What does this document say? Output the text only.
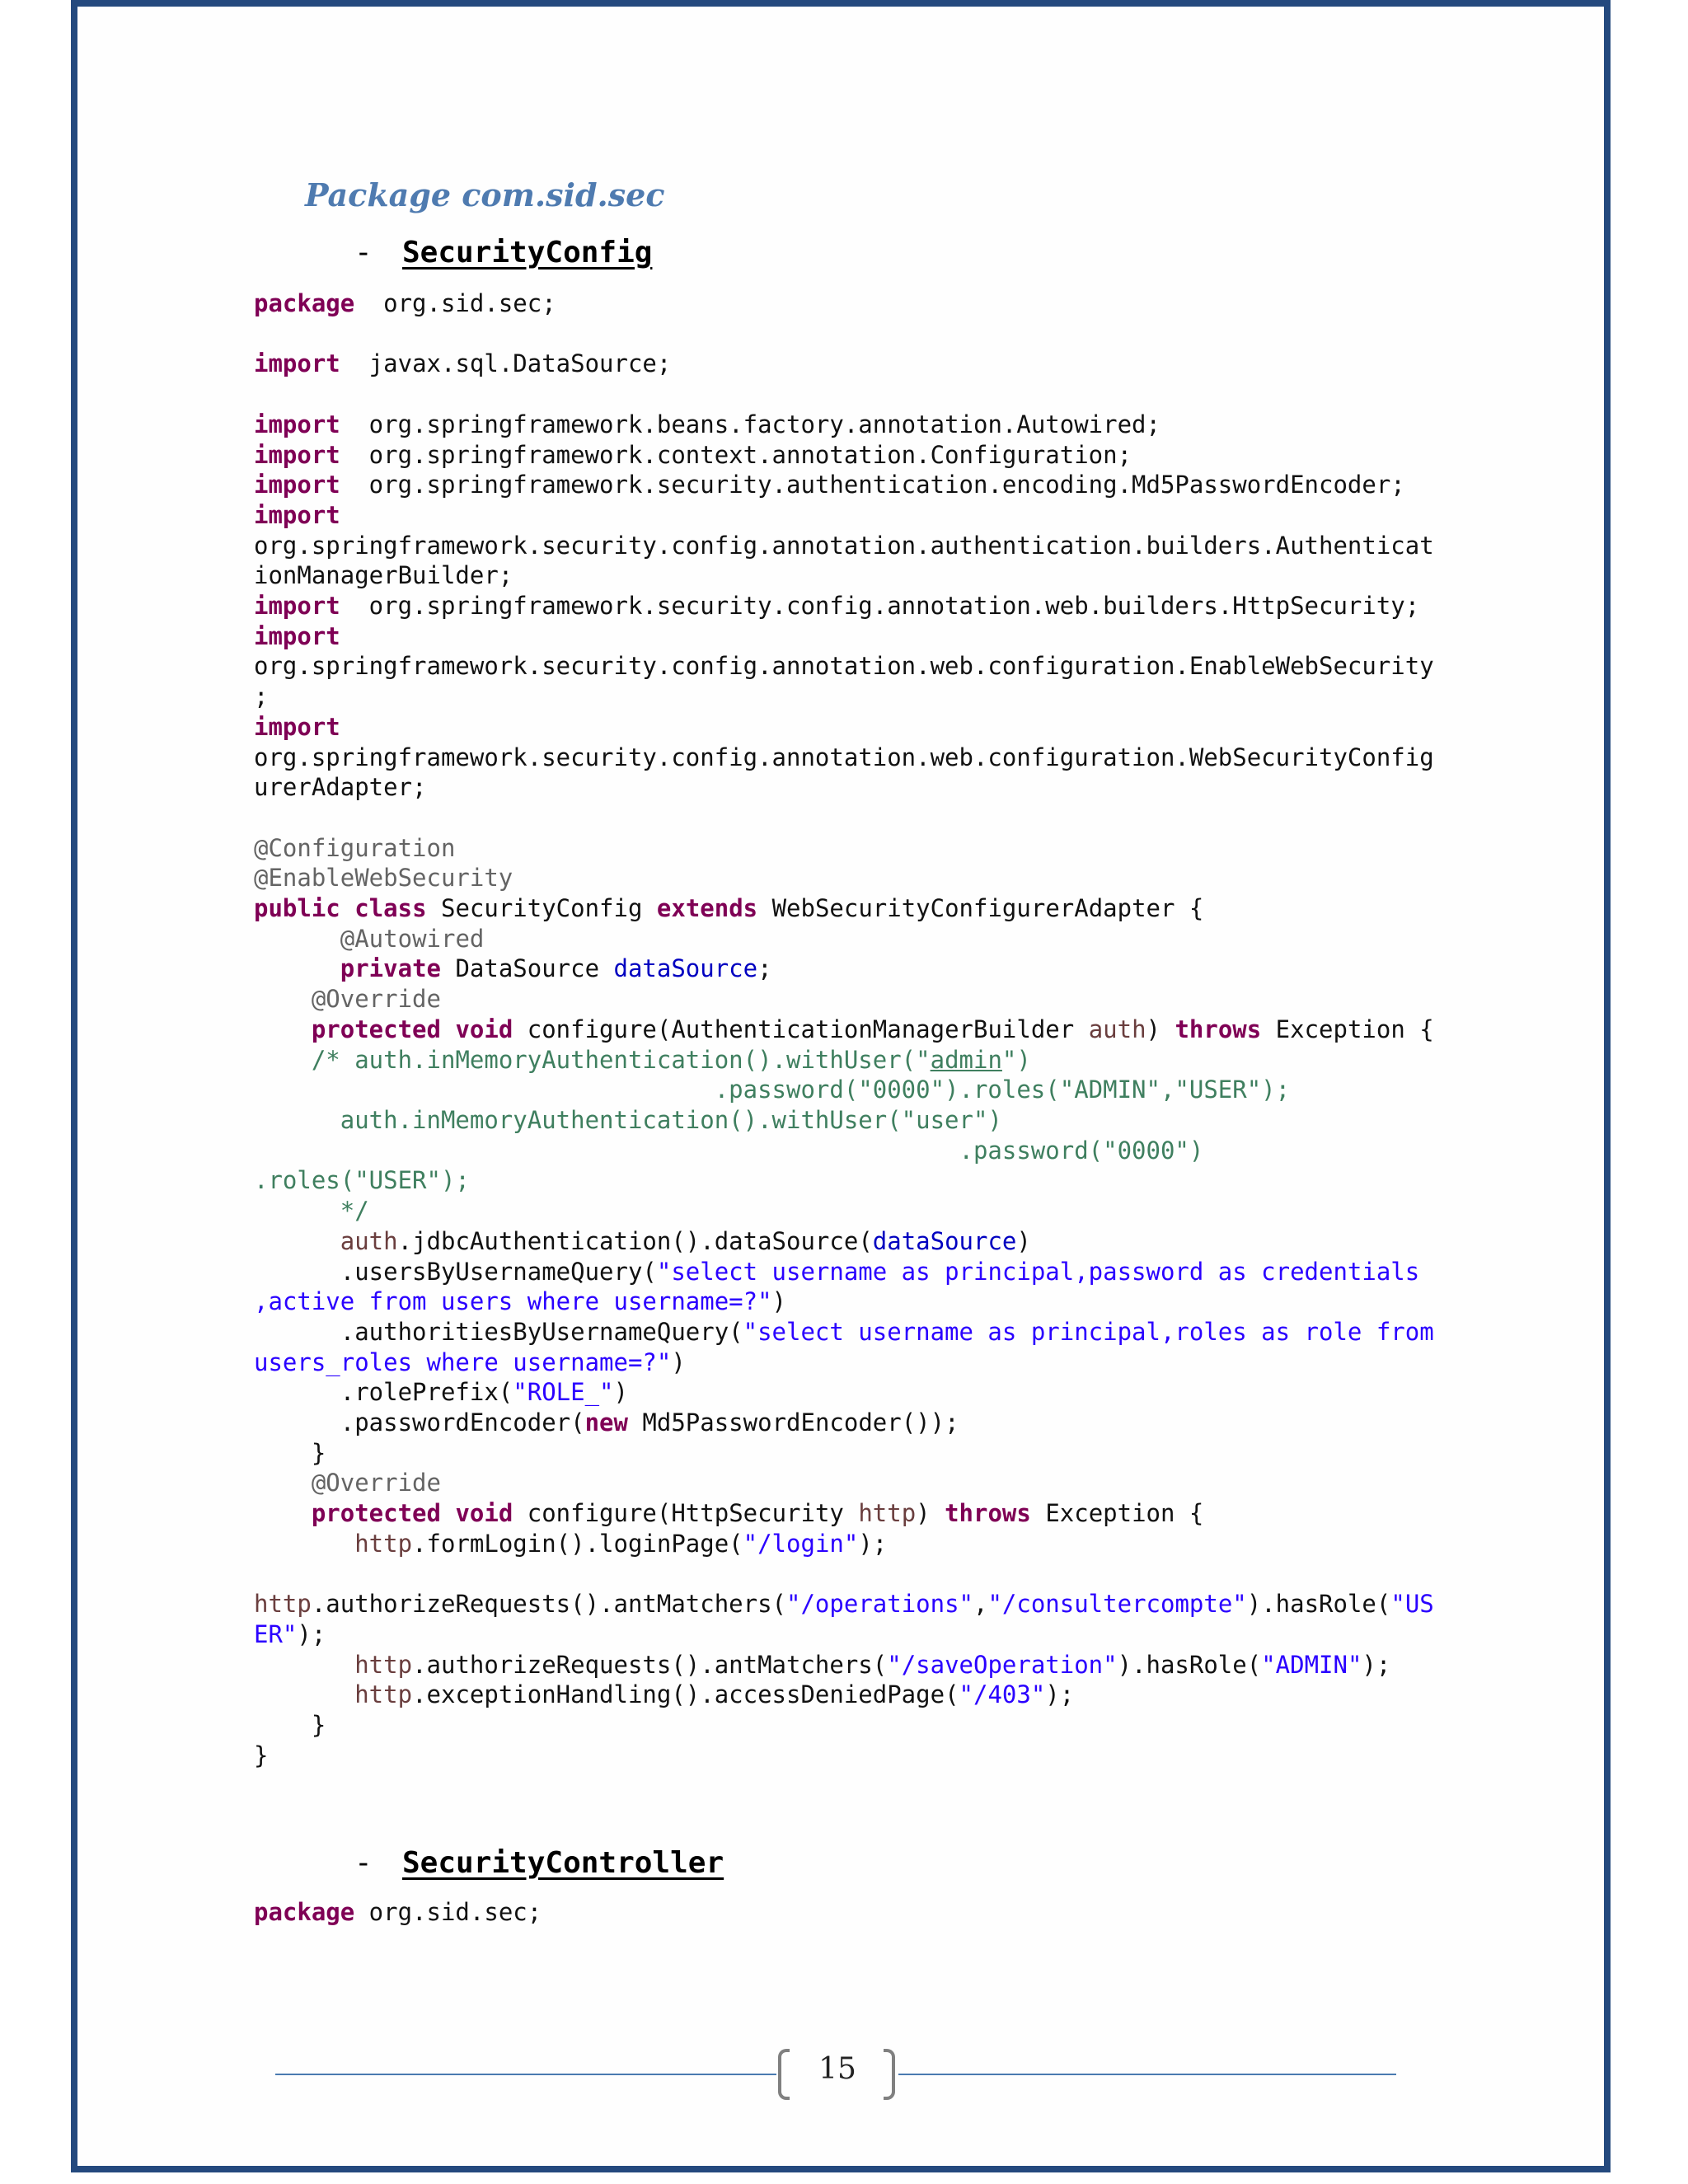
Package com.sid.sec
- SecurityConfig
package  org.sid.sec;

import  javax.sql.DataSource;

import  org.springframework.beans.factory.annotation.Autowired;
import  org.springframework.context.annotation.Configuration;
import  org.springframework.security.authentication.encoding.Md5PasswordEncoder;
import
org.springframework.security.config.annotation.authentication.builders.Authenticat
ionManagerBuilder;
import  org.springframework.security.config.annotation.web.builders.HttpSecurity;
import
org.springframework.security.config.annotation.web.configuration.EnableWebSecurity
;
import
org.springframework.security.config.annotation.web.configuration.WebSecurityConfig
urerAdapter;

@Configuration
@EnableWebSecurity
public class SecurityConfig extends WebSecurityConfigurerAdapter {
@Autowired
private DataSource dataSource;
@Override
protected void configure(AuthenticationManagerBuilder auth) throws Exception {
/* auth.inMemoryAuthentication().withUser("admin")
.password("0000").roles("ADMIN","USER");
auth.inMemoryAuthentication().withUser("user")
.password("0000")
.roles("USER");
*/
auth.jdbcAuthentication().dataSource(dataSource)
.usersByUsernameQuery("select username as principal,password as credentials
,active from users where username=?")
.authoritiesByUsernameQuery("select username as principal,roles as role from
users_roles where username=?")
.rolePrefix("ROLE_")
.passwordEncoder(new Md5PasswordEncoder());
}
@Override
protected void configure(HttpSecurity http) throws Exception {
http.formLogin().loginPage("/login");

http.authorizeRequests().antMatchers("/operations","/consultercompte").hasRole("US
ER");
http.authorizeRequests().antMatchers("/saveOperation").hasRole("ADMIN");
http.exceptionHandling().accessDeniedPage("/403");
}
}

- SecurityController
package org.sid.sec;

15
